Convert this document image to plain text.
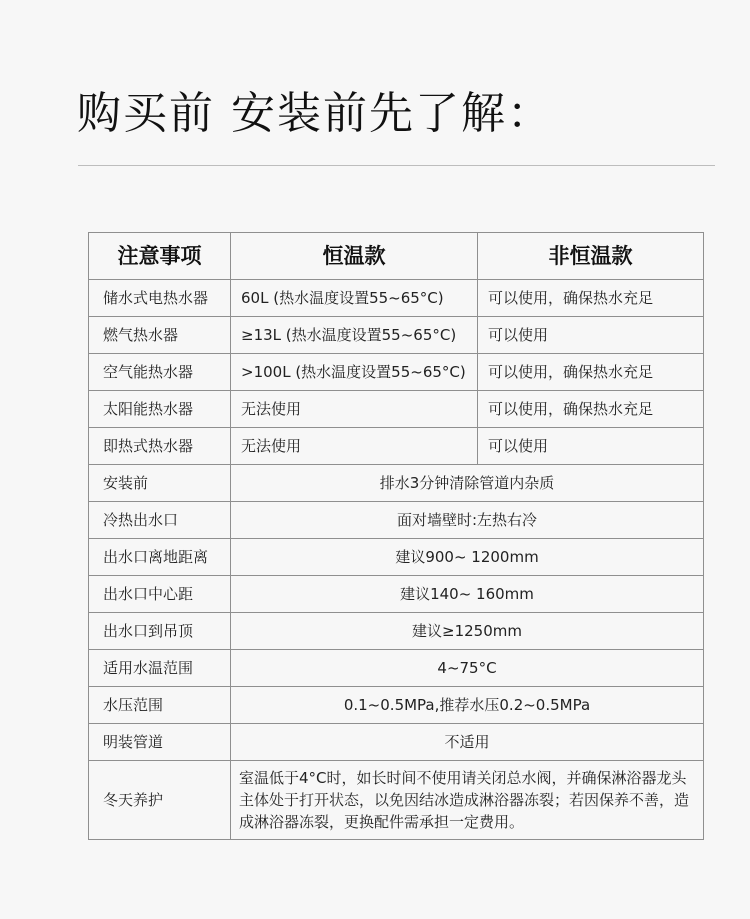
购买前 安装前先了解：
注意事项	恒温款	非恒温款
储水式电热水器	60L (热水温度设置55~65°C)	可以使用，确保热水充足
燃气热水器	≥13L (热水温度设置55~65°C)	可以使用
空气能热水器	>100L (热水温度设置55~65°C)	可以使用，确保热水充足
太阳能热水器	无法使用	可以使用，确保热水充足
即热式热水器	无法使用	可以使用
安装前	排水3分钟清除管道内杂质	
冷热出水口	面对墙壁时:左热右冷	
出水口离地距离	建议900~ 1200mm	
出水口中心距	建议140~ 160mm	
出水口到吊顶	建议≥1250mm	
适用水温范围	4~75°C	
水压范围	0.1~0.5MPa,推荐水压0.2~0.5MPa	
明装管道	不适用	
冬天养护	室温低于4°C时，如长时间不使用请关闭总水阀，并确保淋浴器龙头主体处于打开状态，以免因结冰造成淋浴器冻裂；若因保养不善，造成淋浴器冻裂，更换配件需承担一定费用。	
